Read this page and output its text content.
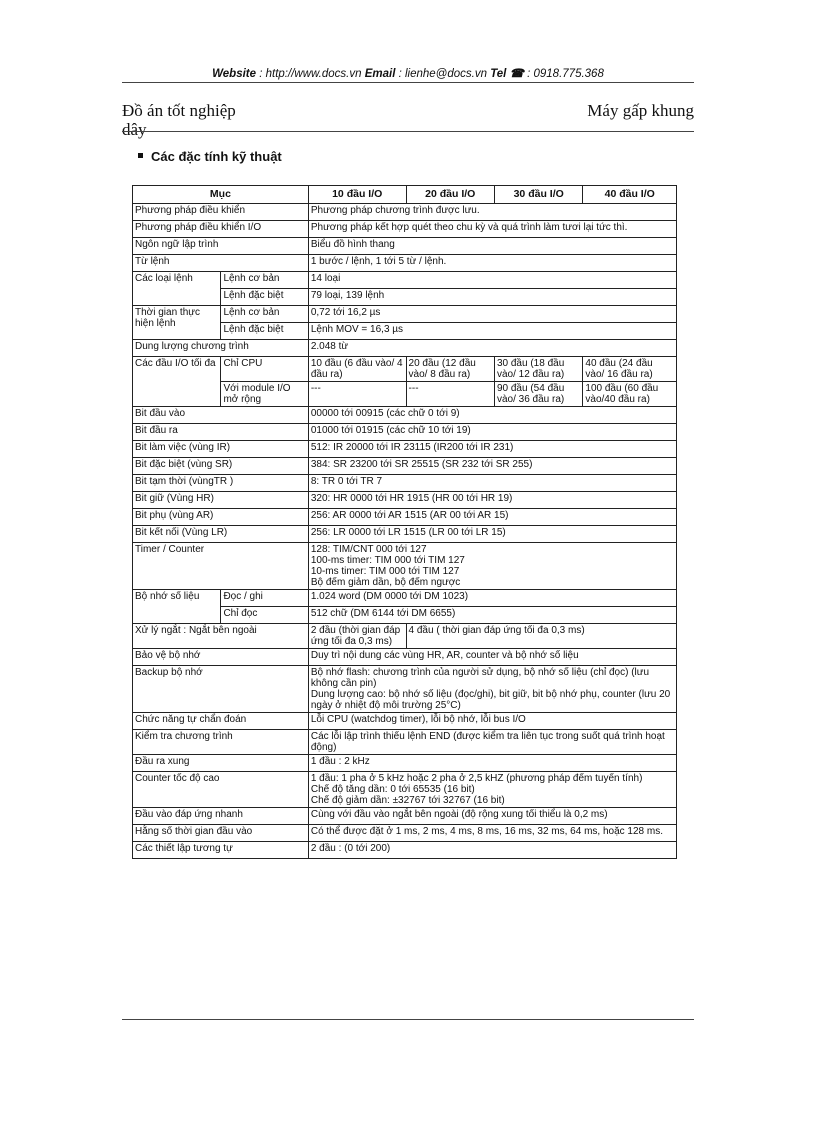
Website : http://www.docs.vn Email : lienhe@docs.vn Tel ☎ : 0918.775.368
Đồ án tốt nghiệp
dây
Máy gấp khung
Các đặc tính kỹ thuật
Mục		10 đầu I/O	20 đầu I/O	30 đầu I/O	40 đầu I/O
Phương pháp điều khiển		Phương pháp chương trình được lưu.			
Phương pháp điều khiển I/O		Phương pháp kết hợp quét theo chu kỳ và quá trình làm tươi lại tức thì.			
Ngôn ngữ lập trình		Biểu đồ hình thang			
Từ lệnh		1 bước / lệnh, 1 tới 5 từ / lệnh.			
Các loại lệnh	Lệnh cơ bản	14 loại			
	Lệnh đặc biệt	79 loại, 139 lệnh			
Thời gian thực hiện lệnh	Lệnh cơ bản	0,72 tới 16,2 µs			
	Lệnh đặc biệt	Lệnh MOV = 16,3 µs			
Dung lượng chương trình		2.048 từ			
Các đầu I/O tối đa	Chỉ CPU	10 đầu (6 đầu vào/ 4 đầu ra)	20 đầu (12 đầu vào/ 8 đầu ra)	30 đầu (18 đầu vào/ 12 đầu ra)	40 đầu (24 đầu vào/ 16 đầu ra)
	Với module I/O mở rộng	---	---	90 đầu (54 đầu vào/ 36 đầu ra)	100 đầu (60 đầu vào/40 đầu ra)
Bit đầu vào		00000 tới 00915 (các chữ 0 tới 9)			
Bit đầu ra		01000 tới 01915 (các chữ 10 tới 19)			
Bit làm việc (vùng IR)		512: IR 20000 tới IR 23115 (IR200 tới IR 231)			
Bit đặc biệt (vùng SR)		384: SR 23200 tới SR 25515 (SR 232 tới SR 255)			
Bit tạm thời (vùngTR )		8: TR 0 tới TR 7			
Bit giữ (Vùng HR)		320: HR 0000 tới HR 1915 (HR 00 tới HR 19)			
Bit phụ (vùng AR)		256: AR 0000 tới AR 1515 (AR 00 tới AR 15)			
Bit kết nối (Vùng LR)		256: LR 0000 tới LR 1515 (LR 00 tới LR 15)			
Timer / Counter		128: TIM/CNT 000 tới 127
100-ms timer: TIM 000 tới TIM 127
10-ms timer: TIM 000 tới TIM 127
Bộ đếm giảm dần, bộ đếm ngược			

Bộ nhớ số liệu	Đọc / ghi	1.024 word (DM 0000 tới DM 1023)			
	Chỉ đọc	512 chữ (DM 6144 tới DM 6655)			
Xử lý ngắt : Ngắt bên ngoài		2 đầu (thời gian đáp ứng tối đa 0,3 ms)	4 đầu ( thời gian đáp ứng tối đa 0,3 ms)		
Bảo vệ bộ nhớ		Duy trì nội dung các vùng HR, AR, counter và bộ nhớ số liệu			
Backup bộ nhớ		Bộ nhớ flash: chương trình của người sử dụng, bộ nhớ số liệu (chỉ đọc) (lưu không cần pin)
Dung lượng cao: bộ nhớ số liệu (đọc/ghi), bit giữ, bit bộ nhớ phụ, counter (lưu 20 ngày ở nhiệt độ môi trường 25°C)			

Chức năng tự chẩn đoán		Lỗi CPU (watchdog timer), lỗi bộ nhớ, lỗi bus I/O			
Kiểm tra chương trình		Các lỗi lập trình thiếu lệnh END (được kiểm tra liên tục trong suốt quá trình hoạt động)			
Đầu ra xung		1 đầu : 2 kHz			
Counter tốc độ cao		1 đầu: 1 pha ở 5 kHz hoặc 2 pha ở 2,5 kHZ (phương pháp đếm tuyến tính)
Chế độ tăng dần: 0 tới 65535 (16 bit)
Chế độ giảm dần: ±32767 tới 32767 (16 bit)			

Đầu vào đáp ứng nhanh		Cùng với đầu vào ngắt bên ngoài (độ rộng xung tối thiểu là 0,2 ms)			
Hằng số thời gian đầu vào		Có thể được đặt ở 1 ms, 2 ms, 4 ms, 8 ms, 16 ms, 32 ms, 64 ms, hoặc 128 ms.			
Các thiết lập tương tự		2 đầu : (0 tới 200)			
